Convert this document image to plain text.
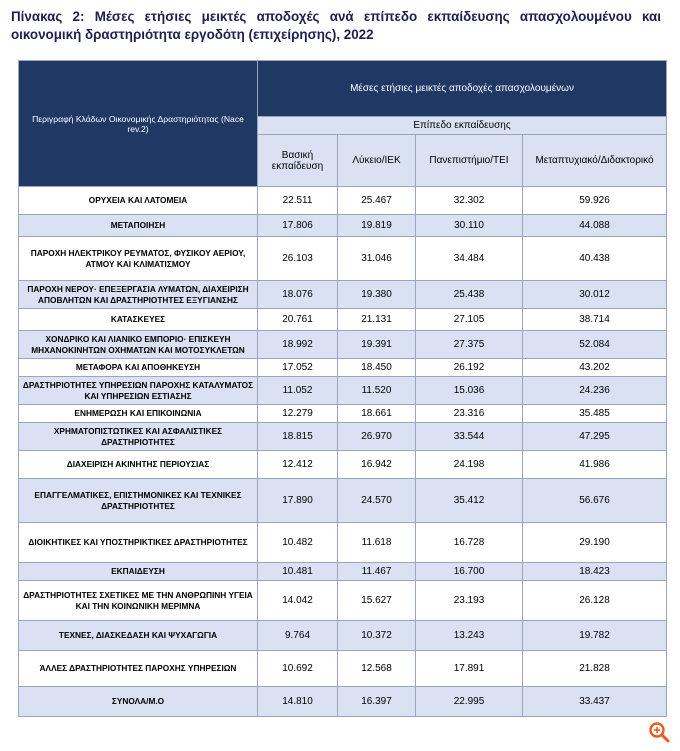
Πίνακας 2: Μέσες ετήσιες μεικτές αποδοχές ανά επίπεδο εκπαίδευσης απασχολουμένου και οικονομική δραστηριότητα εργοδότη (επιχείρησης), 2022
Περιγραφή Κλάδων Οικονομικής Δραστηριότητας (Nace rev.2)	Μέσες ετήσιες μεικτές αποδοχές απασχολουμένων			
	Επίπεδο εκπαίδευσης			
	Βασική εκπαίδευση	Λύκειο/ΙΕΚ	Πανεπιστήμιο/ΤΕΙ	Μεταπτυχιακό/Διδακτορικό
ΟΡΥΧΕΙΑ ΚΑΙ ΛΑΤΟΜΕΙΑ	22.511	25.467	32.302	59.926
ΜΕΤΑΠΟΙΗΣΗ	17.806	19.819	30.110	44.088
ΠΑΡΟΧΗ ΗΛΕΚΤΡΙΚΟΥ ΡΕΥΜΑΤΟΣ, ΦΥΣΙΚΟΥ ΑΕΡΙΟΥ, ΑΤΜΟΥ ΚΑΙ ΚΛΙΜΑΤΙΣΜΟΥ	26.103	31.046	34.484	40.438
ΠΑΡΟΧΗ ΝΕΡΟΥ· ΕΠΕΞΕΡΓΑΣΙΑ ΛΥΜΑΤΩΝ, ΔΙΑΧΕΙΡΙΣΗ ΑΠΟΒΛΗΤΩΝ ΚΑΙ ΔΡΑΣΤΗΡΙΟΤΗΤΕΣ ΕΞΥΓΙΑΝΣΗΣ	18.076	19.380	25.438	30.012
ΚΑΤΑΣΚΕΥΕΣ	20.761	21.131	27.105	38.714
ΧΟΝΔΡΙΚΟ ΚΑΙ ΛΙΑΝΙΚΟ ΕΜΠΟΡΙΟ· ΕΠΙΣΚΕΥΗ ΜΗΧΑΝΟΚΙΝΗΤΩΝ ΟΧΗΜΑΤΩΝ ΚΑΙ ΜΟΤΟΣΥΚΛΕΤΩΝ	18.992	19.391	27.375	52.084
ΜΕΤΑΦΟΡΑ ΚΑΙ ΑΠΟΘΗΚΕΥΣΗ	17.052	18.450	26.192	43.202
ΔΡΑΣΤΗΡΙΟΤΗΤΕΣ ΥΠΗΡΕΣΙΩΝ ΠΑΡΟΧΗΣ ΚΑΤΑΛΥΜΑΤΟΣ ΚΑΙ ΥΠΗΡΕΣΙΩΝ ΕΣΤΙΑΣΗΣ	11.052	11.520	15.036	24.236
ΕΝΗΜΕΡΩΣΗ ΚΑΙ ΕΠΙΚΟΙΝΩΝΙΑ	12.279	18.661	23.316	35.485
ΧΡΗΜΑΤΟΠΙΣΤΩΤΙΚΕΣ ΚΑΙ ΑΣΦΑΛΙΣΤΙΚΕΣ ΔΡΑΣΤΗΡΙΟΤΗΤΕΣ	18.815	26.970	33.544	47.295
ΔΙΑΧΕΙΡΙΣΗ ΑΚΙΝΗΤΗΣ ΠΕΡΙΟΥΣΙΑΣ	12.412	16.942	24.198	41.986
ΕΠΑΓΓΕΛΜΑΤΙΚΕΣ, ΕΠΙΣΤΗΜΟΝΙΚΕΣ ΚΑΙ ΤΕΧΝΙΚΕΣ ΔΡΑΣΤΗΡΙΟΤΗΤΕΣ	17.890	24.570	35.412	56.676
ΔΙΟΙΚΗΤΙΚΕΣ ΚΑΙ ΥΠΟΣΤΗΡΙΚΤΙΚΕΣ ΔΡΑΣΤΗΡΙΟΤΗΤΕΣ	10.482	11.618	16.728	29.190
ΕΚΠΑΙΔΕΥΣΗ	10.481	11.467	16.700	18.423
ΔΡΑΣΤΗΡΙΟΤΗΤΕΣ ΣΧΕΤΙΚΕΣ ΜΕ ΤΗΝ ΑΝΘΡΩΠΙΝΗ ΥΓΕΙΑ ΚΑΙ ΤΗΝ ΚΟΙΝΩΝΙΚΗ ΜΕΡΙΜΝΑ	14.042	15.627	23.193	26.128
ΤΕΧΝΕΣ, ΔΙΑΣΚΕΔΑΣΗ ΚΑΙ ΨΥΧΑΓΩΓΙΑ	9.764	10.372	13.243	19.782
ΆΛΛΕΣ ΔΡΑΣΤΗΡΙΟΤΗΤΕΣ ΠΑΡΟΧΗΣ ΥΠΗΡΕΣΙΩΝ	10.692	12.568	17.891	21.828
ΣΥΝΟΛΑ/Μ.Ο	14.810	16.397	22.995	33.437
